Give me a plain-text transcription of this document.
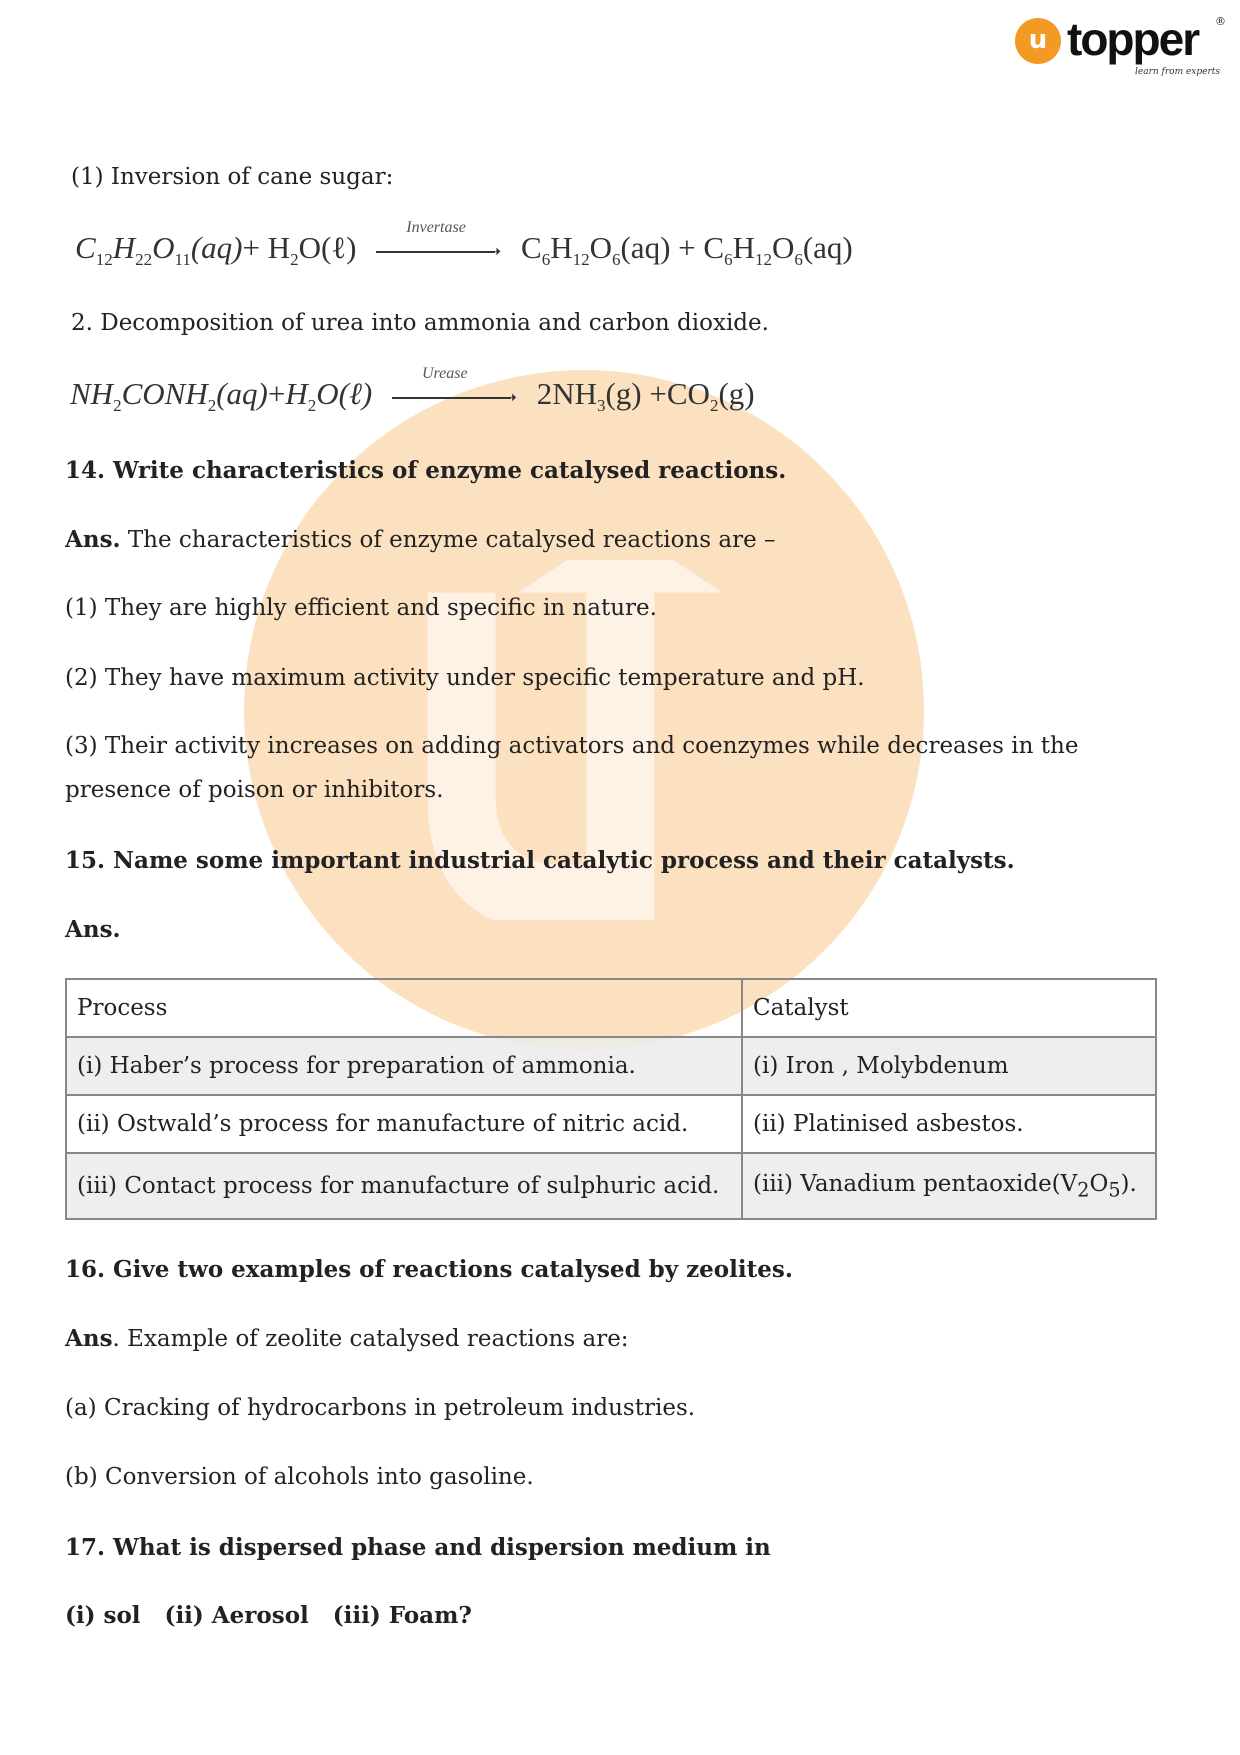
u topper
learn from experts
®
(1) Inversion of cane sugar:
$C_{12}H_{22}O_{11}(aq)+$ $H_2O(\ell)$
Invertase
➝ $C_6H_{12}O_6(aq) + C_6H_{12}O_6(aq)$
2. Decomposition of urea into ammonia and carbon dioxide.
$NH_2CONH_2(aq)+H_2O(\ell)$
Urease
➝ $2NH_3(g) +CO_2(g)$
14. Write characteristics of enzyme catalysed reactions.
Ans. The characteristics of enzyme catalysed reactions are –
(1) They are highly efficient and specific in nature.
(2) They have maximum activity under specific temperature and pH.
(3) Their activity increases on adding activators and coenzymes while decreases in the
presence of poison or inhibitors.
15. Name some important industrial catalytic process and their catalysts.
Ans.
Process	Catalyst
(i) Haber’s process for preparation of ammonia.	(i) Iron , Molybdenum
(ii) Ostwald’s process for manufacture of nitric acid.	(ii) Platinised asbestos.
(iii) Contact process for manufacture of sulphuric acid.	(iii) Vanadium $pentaoxide(V_2O_5)$.
16. Give two examples of reactions catalysed by zeolites.
Ans. Example of zeolite catalysed reactions are:
(a) Cracking of hydrocarbons in petroleum industries.
(b) Conversion of alcohols into gasoline.
17. What is dispersed phase and dispersion medium in
(i) sol   (ii) Aerosol   (iii) Foam?
